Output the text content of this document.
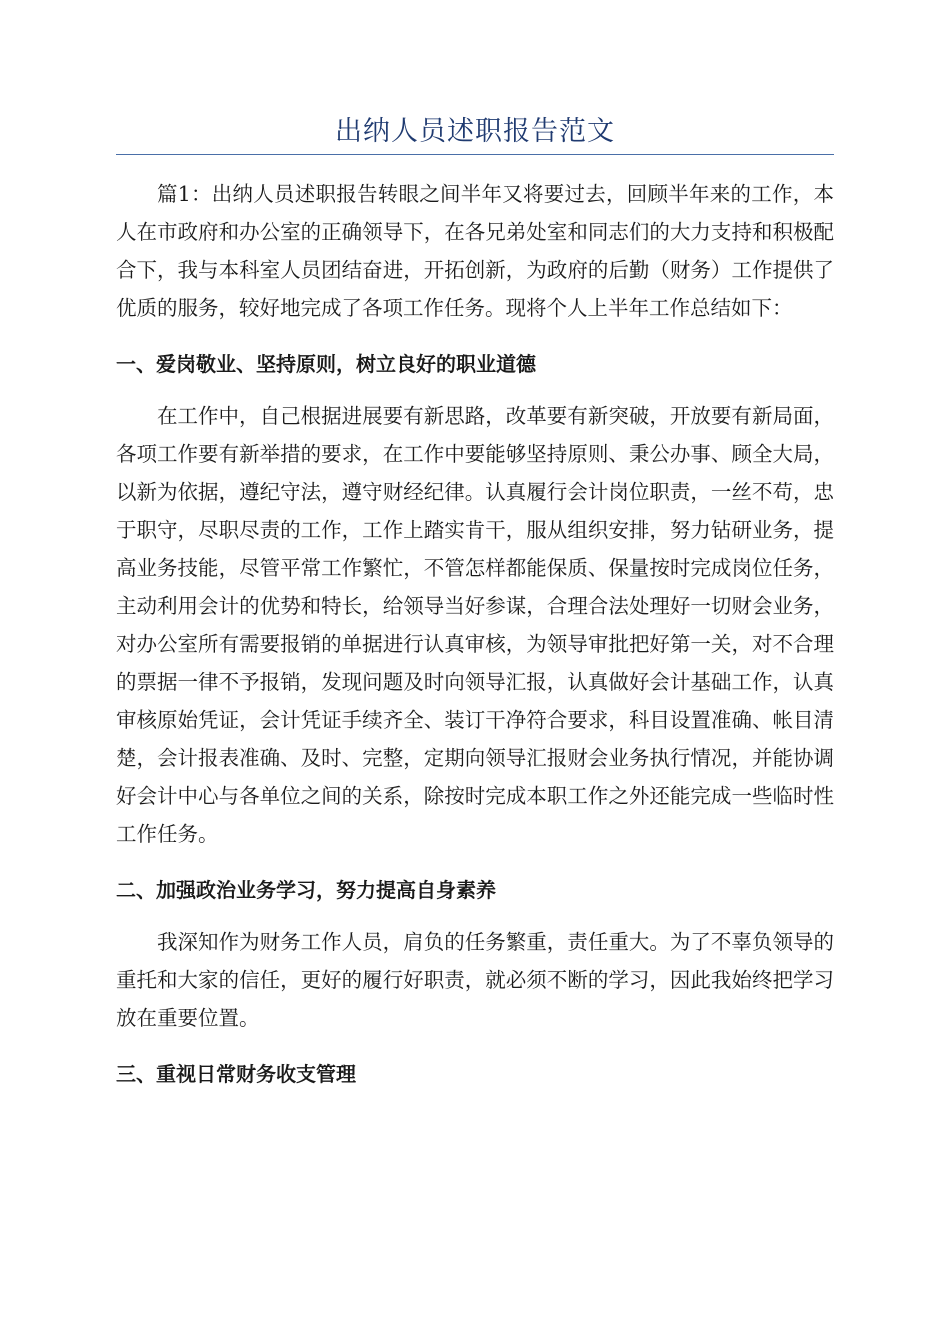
出纳人员述职报告范文

篇1：出纳人员述职报告转眼之间半年又将要过去，回顾半年来的工作，本人在市政府和办公室的正确领导下，在各兄弟处室和同志们的大力支持和积极配合下，我与本科室人员团结奋进，开拓创新，为政府的后勤（财务）工作提供了优质的服务，较好地完成了各项工作任务。现将个人上半年工作总结如下：

一、爱岗敬业、坚持原则，树立良好的职业道德

在工作中，自己根据进展要有新思路，改革要有新突破，开放要有新局面，各项工作要有新举措的要求，在工作中要能够坚持原则、秉公办事、顾全大局，以新为依据，遵纪守法，遵守财经纪律。认真履行会计岗位职责，一丝不苟，忠于职守，尽职尽责的工作，工作上踏实肯干，服从组织安排，努力钻研业务，提高业务技能，尽管平常工作繁忙，不管怎样都能保质、保量按时完成岗位任务，主动利用会计的优势和特长，给领导当好参谋，合理合法处理好一切财会业务，对办公室所有需要报销的单据进行认真审核，为领导审批把好第一关，对不合理的票据一律不予报销，发现问题及时向领导汇报，认真做好会计基础工作，认真审核原始凭证，会计凭证手续齐全、装订干净符合要求，科目设置准确、帐目清楚，会计报表准确、及时、完整，定期向领导汇报财会业务执行情况，并能协调好会计中心与各单位之间的关系，除按时完成本职工作之外还能完成一些临时性工作任务。

二、加强政治业务学习，努力提高自身素养

我深知作为财务工作人员，肩负的任务繁重，责任重大。为了不辜负领导的重托和大家的信任，更好的履行好职责，就必须不断的学习，因此我始终把学习放在重要位置。

三、重视日常财务收支管理
